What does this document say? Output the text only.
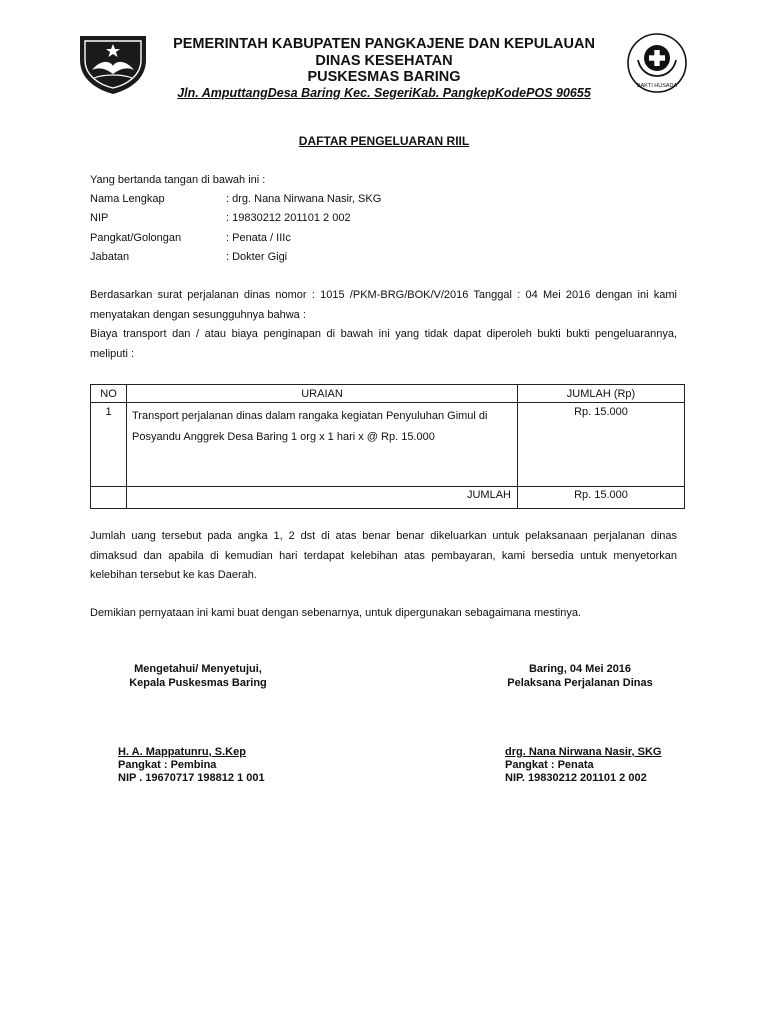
PEMERINTAH KABUPATEN PANGKAJENE DAN KEPULAUAN
DINAS KESEHATAN
PUSKESMAS BARING
Jln. AmputtangDesa Baring Kec. SegeriKab. PangkepKodePOS 90655	BAKTI HUSADA
DAFTAR PENGELUARAN RIIL
Yang bertanda tangan di bawah ini :
Nama Lengkap	: drg. Nana Nirwana Nasir, SKG
NIP	: 19830212 201101 2 002
Pangkat/Golongan	: Penata / IIIc
Jabatan	: Dokter Gigi
Berdasarkan surat perjalanan dinas nomor : 1015 /PKM-BRG/BOK/V/2016 Tanggal : 04 Mei 2016 dengan ini kami menyatakan dengan sesungguhnya bahwa :
Biaya transport dan / atau biaya penginapan di bawah ini yang tidak dapat diperoleh bukti bukti pengeluarannya, meliputi :
NO	URAIAN	JUMLAH (Rp)
1	Transport perjalanan dinas dalam rangaka kegiatan Penyuluhan Gimul di
Posyandu Anggrek Desa Baring 1 org x 1 hari x @ Rp. 15.000	Rp. 15.000
	JUMLAH	Rp. 15.000
Jumlah uang tersebut pada angka 1, 2 dst di atas benar benar dikeluarkan untuk pelaksanaan perjalanan dinas dimaksud dan apabila di kemudian hari terdapat kelebihan atas pembayaran, kami bersedia untuk menyetorkan kelebihan tersebut ke kas Daerah.
Demikian pernyataan ini kami buat dengan sebenarnya, untuk dipergunakan sebagaimana mestinya.
Mengetahui/ Menyetujui,
Kepala Puskesmas Baring
H. A. Mappatunru, S.Kep
Pangkat : Pembina
NIP . 19670717 198812 1 001
Baring, 04 Mei 2016
Pelaksana Perjalanan Dinas
drg. Nana Nirwana Nasir, SKG
Pangkat : Penata
NIP. 19830212 201101 2 002
